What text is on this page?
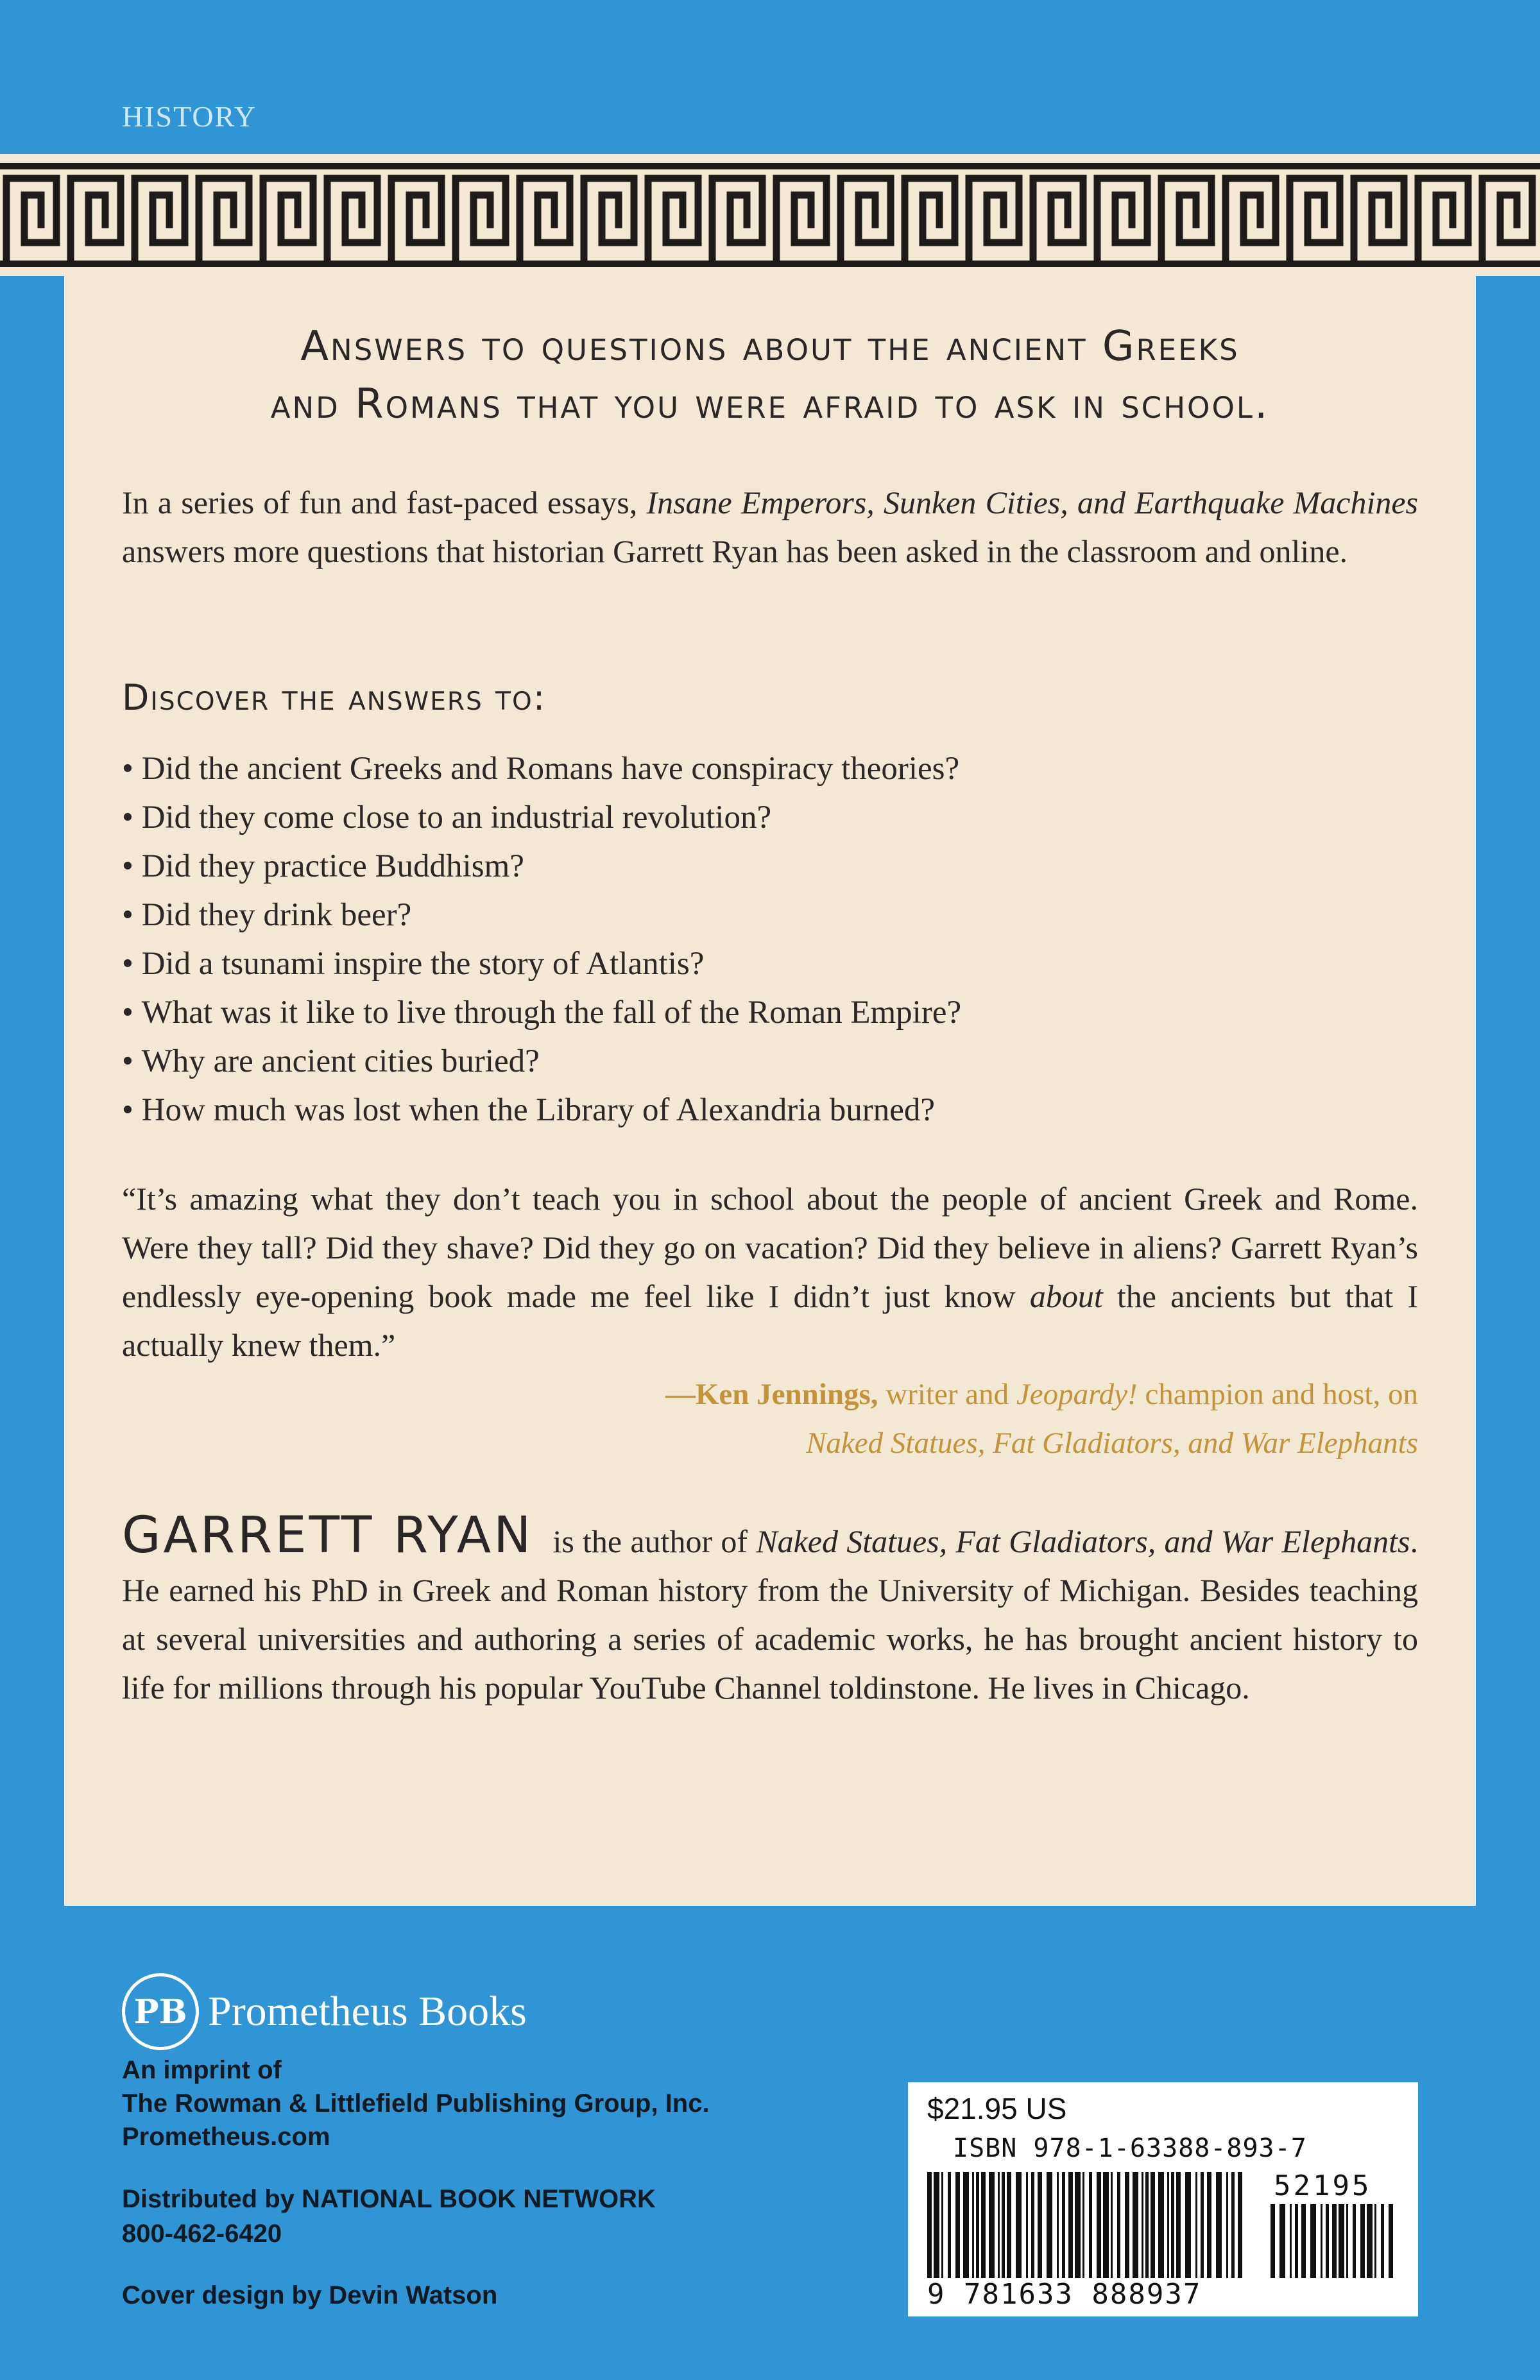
HISTORY
Answers to questions about the ancient Greeks
and Romans that you were afraid to ask in school.

In a series of fun and fast-paced essays, Insane Emperors, Sunken Cities, and Earthquake Machines answers more questions that historian Garrett Ryan has been asked in the classroom and online.

Discover the answers to:
• Did the ancient Greeks and Romans have conspiracy theories?
• Did they come close to an industrial revolution?
• Did they practice Buddhism?
• Did they drink beer?
• Did a tsunami inspire the story of Atlantis?
• What was it like to live through the fall of the Roman Empire?
• Why are ancient cities buried?
• How much was lost when the Library of Alexandria burned?

“It’s amazing what they don’t teach you in school about the people of ancient Greek and Rome. Were they tall? Did they shave? Did they go on vacation? Did they believe in aliens? Garrett Ryan’s endlessly eye-opening book made me feel like I didn’t just know about the ancients but that I actually knew them.”

—Ken Jennings, writer and Jeopardy! champion and host, on
Naked Statues, Fat Gladiators, and War Elephants

GARRETT RYAN is the author of Naked Statues, Fat Gladiators, and War Elephants. He earned his PhD in Greek and Roman history from the University of Michigan. Besides teaching at several universities and authoring a series of academic works, he has brought ancient history to life for millions through his popular YouTube Channel toldinstone. He lives in Chicago.

PB Prometheus Books
An imprint of
The Rowman & Littlefield Publishing Group, Inc.
Prometheus.com
Distributed by NATIONAL BOOK NETWORK
800-462-6420
Cover design by Devin Watson
$21.95 US
ISBN 978-1-63388-893-7
9 781633 888937
52195
